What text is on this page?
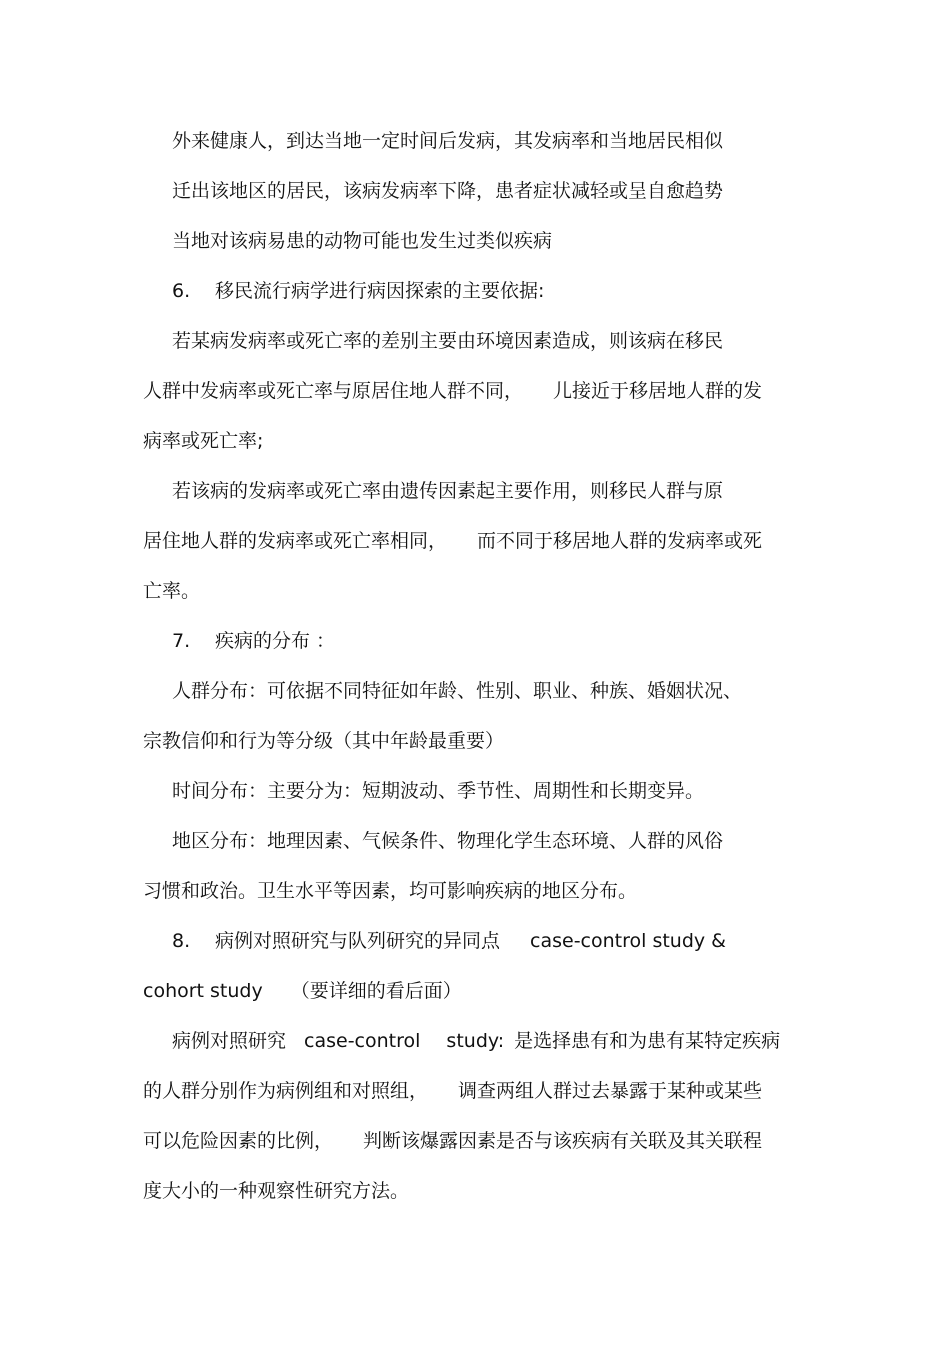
外来健康人，到达当地一定时间后发病，其发病率和当地居民相似

迁出该地区的居民，该病发病率下降，患者症状减轻或呈自愈趋势

当地对该病易患的动物可能也发生过类似疾病

6. 移民流行病学进行病因探索的主要依据:

若某病发病率或死亡率的差别主要由环境因素造成，则该病在移民

人群中发病率或死亡率与原居住地人群不同， 儿接近于移居地人群的发

病率或死亡率;

若该病的发病率或死亡率由遗传因素起主要作用，则移民人群与原

居住地人群的发病率或死亡率相同， 而不同于移居地人群的发病率或死

亡率。

7. 疾病的分布 ：

人群分布：可依据不同特征如年龄、性别、职业、种族、婚姻状况、

宗教信仰和行为等分级（其中年龄最重要）

时间分布：主要分为：短期波动、季节性、周期性和长期变异。

地区分布：地理因素、气候条件、物理化学生态环境、人群的风俗

习惯和政治。卫生水平等因素，均可影响疾病的地区分布。

8. 病例对照研究与队列研究的异同点 case-control study &

cohort study （要详细的看后面）

病例对照研究 case-control study: 是选择患有和为患有某特定疾病

的人群分别作为病例组和对照组， 调查两组人群过去暴露于某种或某些

可以危险因素的比例， 判断该爆露因素是否与该疾病有关联及其关联程

度大小的一种观察性研究方法。
